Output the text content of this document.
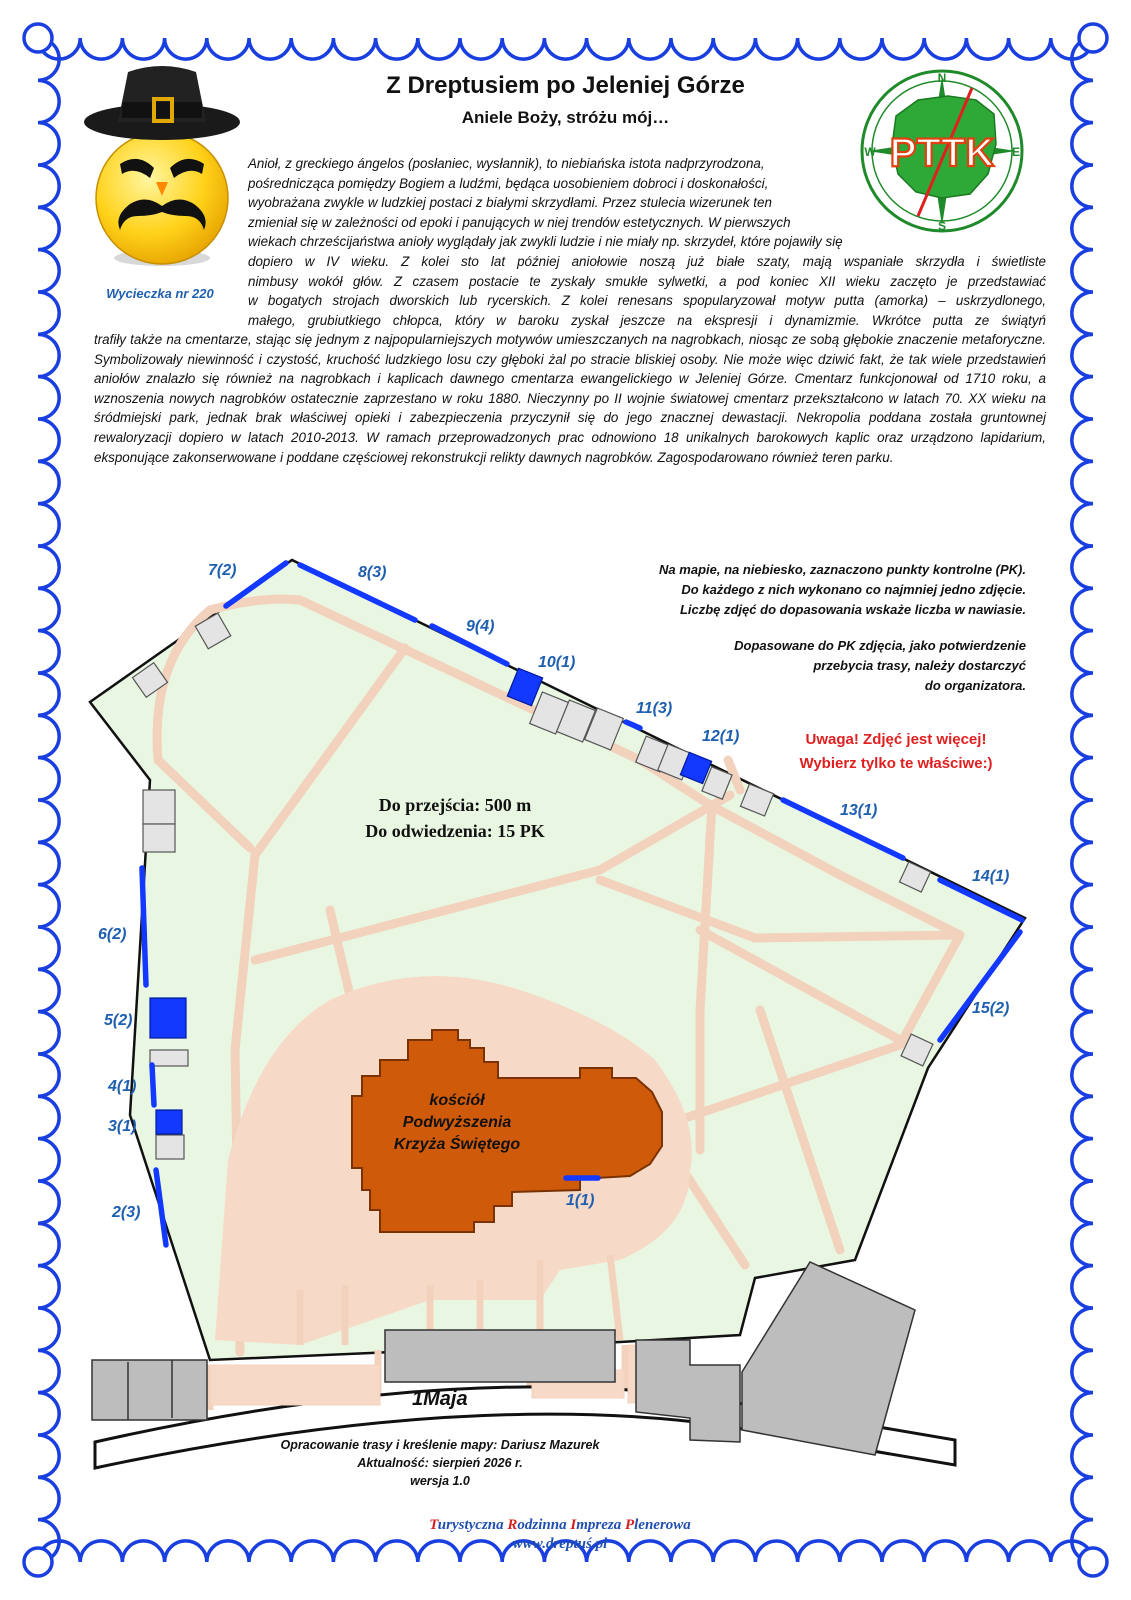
PTTK
N
E
S
W
Z Dreptusiem po Jeleniej Górze
Aniele Boży, stróżu mój…
Wycieczka nr 220
Anioł, z greckiego ángelos (posłaniec, wysłannik), to niebiańska istota nadprzyrodzona,
pośrednicząca pomiędzy Bogiem a ludźmi, będąca uosobieniem dobroci i doskonałości,
wyobrażana zwykle w ludzkiej postaci z białymi skrzydłami. Przez stulecia wizerunek ten
zmieniał się w zależności od epoki i panujących w niej trendów estetycznych. W pierwszych
wiekach chrześcijaństwa anioły wyglądały jak zwykli ludzie i nie miały np. skrzydeł, które pojawiły się
dopiero w IV wieku. Z kolei sto lat później aniołowie noszą już białe szaty, mają wspaniałe skrzydła i świetliste
nimbusy wokół głów. Z czasem postacie te zyskały smukłe sylwetki, a pod koniec XII wieku zaczęto je przedstawiać
w bogatych strojach dworskich lub rycerskich. Z kolei renesans spopularyzował motyw putta (amorka) – uskrzydlonego,
małego, grubiutkiego chłopca, który w baroku zyskał jeszcze na ekspresji i dynamizmie. Wkrótce putta ze świątyń

trafiły także na cmentarze, stając się jednym z najpopularniejszych motywów umieszczanych na nagrobkach, niosąc ze sobą głębokie znaczenie metaforyczne. Symbolizowały niewinność i czystość, kruchość ludzkiego losu czy głęboki żal po stracie bliskiej osoby. Nie może więc dziwić fakt, że tak wiele przedstawień aniołów znalazło się również na nagrobkach i kaplicach dawnego cmentarza ewangelickiego w Jeleniej Górze. Cmentarz funkcjonował od 1710 roku, a wznoszenia nowych nagrobków ostatecznie zaprzestano w roku 1880. Nieczynny po II wojnie światowej cmentarz przekształcono w latach 70. XX wieku na śródmiejski park, jednak brak właściwej opieki i zabezpieczenia przyczynił się do jego znacznej dewastacji. Nekropolia poddana została gruntownej rewaloryzacji dopiero w latach 2010-2013. W ramach przeprowadzonych prac odnowiono 18 unikalnych barokowych kaplic oraz urządzono lapidarium, eksponujące zakonserwowane i poddane częściowej rekonstrukcji relikty dawnych nagrobków. Zagospodarowano również teren parku.

1(1)
2(3)
3(1)
4(1)
5(2)
6(2)
7(2)	8(3)
9(4)
10(1)
11(3)
12(1)
13(1)
14(1)
15(2)
Do przejścia: 500 m
Do odwiedzenia: 15 PK
kościół
Podwyższenia
Krzyża Świętego
1Maja
Na mapie, na niebiesko, zaznaczono punkty kontrolne (PK).
Do każdego z nich wykonano co najmniej jedno zdjęcie.
Liczbę zdjęć do dopasowania wskaże liczba w nawiasie.
Dopasowane do PK zdjęcia, jako potwierdzenie
przebycia trasy, należy dostarczyć
do organizatora.
Uwaga! Zdjęć jest więcej!
Wybierz tylko te właściwe:)
Opracowanie trasy i kreślenie mapy: Dariusz Mazurek
Aktualność: sierpień 2026 r.
wersja 1.0
Turystyczna Rodzinna Impreza Plenerowa
www.dreptuś.pl
